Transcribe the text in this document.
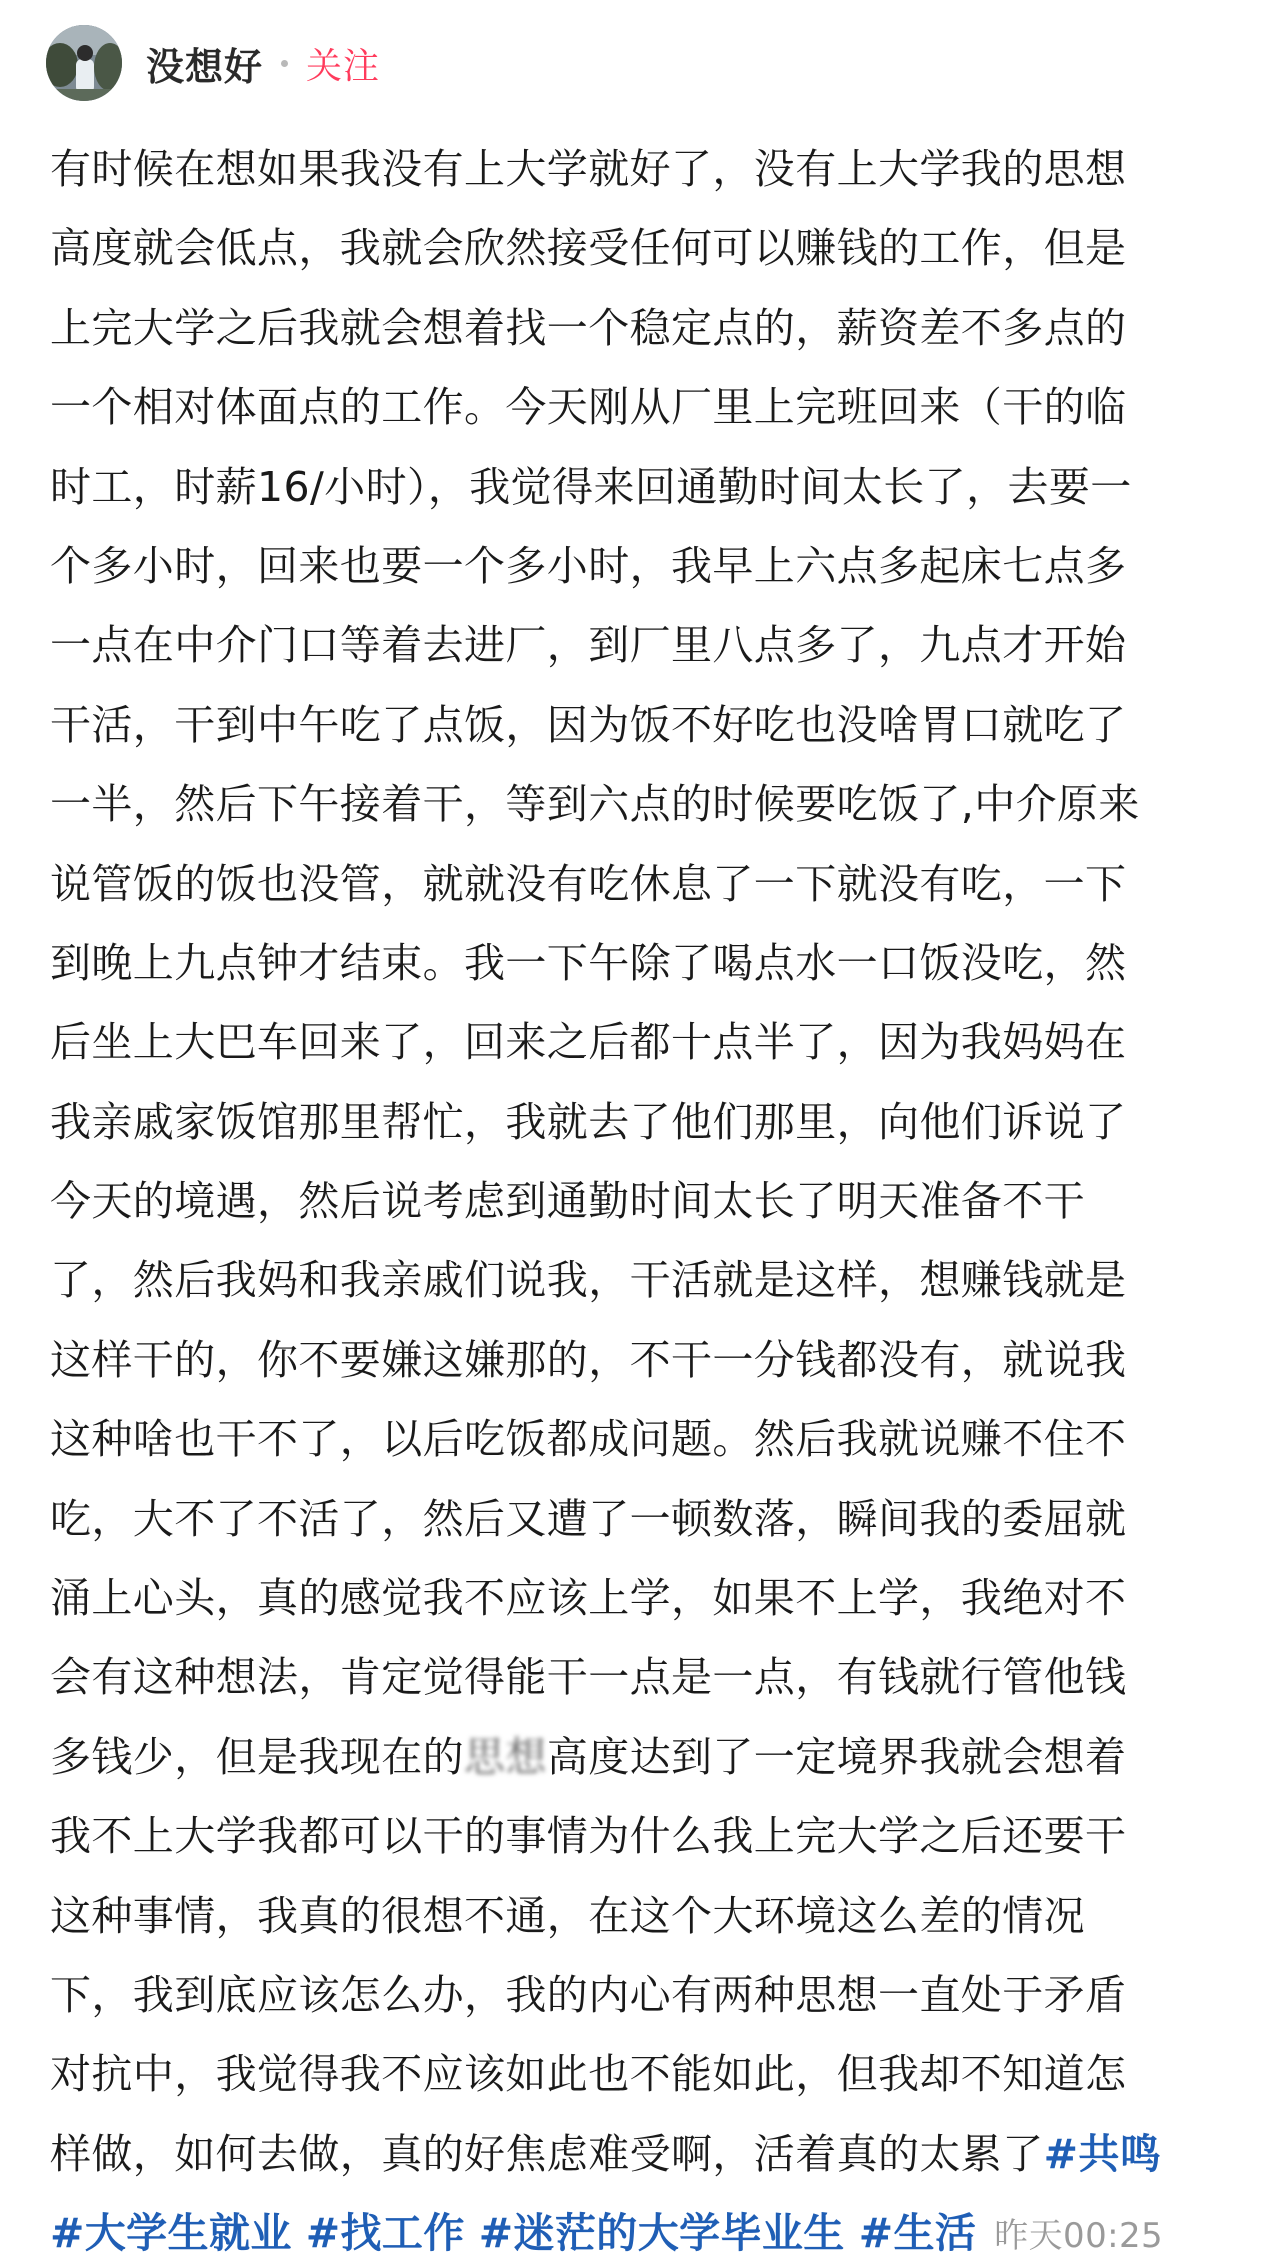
没想好 关注
有时候在想如果我没有上大学就好了，没有上大学我的思想
高度就会低点，我就会欣然接受任何可以赚钱的工作，但是
上完大学之后我就会想着找一个稳定点的，薪资差不多点的
一个相对体面点的工作。今天刚从厂里上完班回来（干的临
时工，时薪16/小时），我觉得来回通勤时间太长了，去要一
个多小时，回来也要一个多小时，我早上六点多起床七点多
一点在中介门口等着去进厂，到厂里八点多了，九点才开始
干活，干到中午吃了点饭，因为饭不好吃也没啥胃口就吃了
一半，然后下午接着干，等到六点的时候要吃饭了,中介原来
说管饭的饭也没管，就就没有吃休息了一下就没有吃，一下
到晚上九点钟才结束。我一下午除了喝点水一口饭没吃，然
后坐上大巴车回来了，回来之后都十点半了，因为我妈妈在
我亲戚家饭馆那里帮忙，我就去了他们那里，向他们诉说了
今天的境遇，然后说考虑到通勤时间太长了明天准备不干
了，然后我妈和我亲戚们说我，干活就是这样，想赚钱就是
这样干的，你不要嫌这嫌那的，不干一分钱都没有，就说我
这种啥也干不了，以后吃饭都成问题。然后我就说赚不住不
吃，大不了不活了，然后又遭了一顿数落，瞬间我的委屈就
涌上心头，真的感觉我不应该上学，如果不上学，我绝对不
会有这种想法，肯定觉得能干一点是一点，有钱就行管他钱
多钱少，但是我现在的思想高度达到了一定境界我就会想着
我不上大学我都可以干的事情为什么我上完大学之后还要干
这种事情，我真的很想不通，在这个大环境这么差的情况
下，我到底应该怎么办，我的内心有两种思想一直处于矛盾
对抗中，我觉得我不应该如此也不能如此，但我却不知道怎
样做，如何去做，真的好焦虑难受啊，活着真的太累了#共鸣
#大学生就业 #找工作 #迷茫的大学毕业生 #生活 昨天00:25
